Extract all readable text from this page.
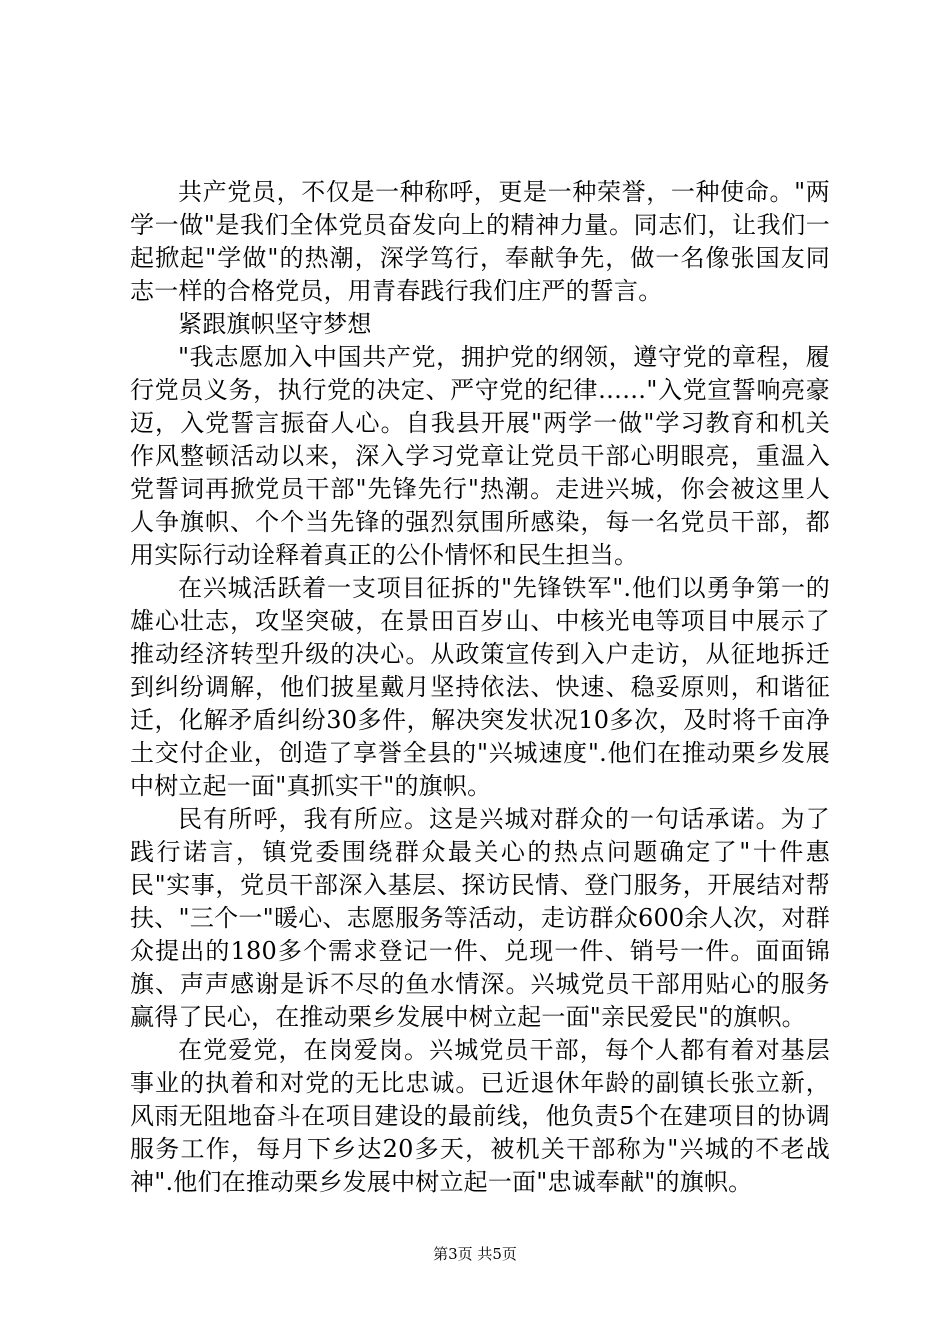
共产党员，不仅是一种称呼，更是一种荣誉，一种使命。"两学一做"是我们全体党员奋发向上的精神力量。同志们，让我们一起掀起"学做"的热潮，深学笃行，奉献争先，做一名像张国友同志一样的合格党员，用青春践行我们庄严的誓言。

紧跟旗帜坚守梦想

"我志愿加入中国共产党，拥护党的纲领，遵守党的章程，履行党员义务，执行党的决定、严守党的纪律……"入党宣誓响亮豪迈，入党誓言振奋人心。自我县开展"两学一做"学习教育和机关作风整顿活动以来，深入学习党章让党员干部心明眼亮，重温入党誓词再掀党员干部"先锋先行"热潮。走进兴城，你会被这里人人争旗帜、个个当先锋的强烈氛围所感染，每一名党员干部，都用实际行动诠释着真正的公仆情怀和民生担当。

在兴城活跃着一支项目征拆的"先锋铁军".他们以勇争第一的雄心壮志，攻坚突破，在景田百岁山、中核光电等项目中展示了推动经济转型升级的决心。从政策宣传到入户走访，从征地拆迁到纠纷调解，他们披星戴月坚持依法、快速、稳妥原则，和谐征迁，化解矛盾纠纷30多件，解决突发状况10多次，及时将千亩净土交付企业，创造了享誉全县的"兴城速度".他们在推动栗乡发展中树立起一面"真抓实干"的旗帜。

民有所呼，我有所应。这是兴城对群众的一句话承诺。为了践行诺言，镇党委围绕群众最关心的热点问题确定了"十件惠民"实事，党员干部深入基层、探访民情、登门服务，开展结对帮扶、"三个一"暖心、志愿服务等活动，走访群众600余人次，对群众提出的180多个需求登记一件、兑现一件、销号一件。面面锦旗、声声感谢是诉不尽的鱼水情深。兴城党员干部用贴心的服务赢得了民心，在推动栗乡发展中树立起一面"亲民爱民"的旗帜。

在党爱党，在岗爱岗。兴城党员干部，每个人都有着对基层事业的执着和对党的无比忠诚。已近退休年龄的副镇长张立新，风雨无阻地奋斗在项目建设的最前线，他负责5个在建项目的协调服务工作，每月下乡达20多天，被机关干部称为"兴城的不老战神".他们在推动栗乡发展中树立起一面"忠诚奉献"的旗帜。

第3页 共5页
